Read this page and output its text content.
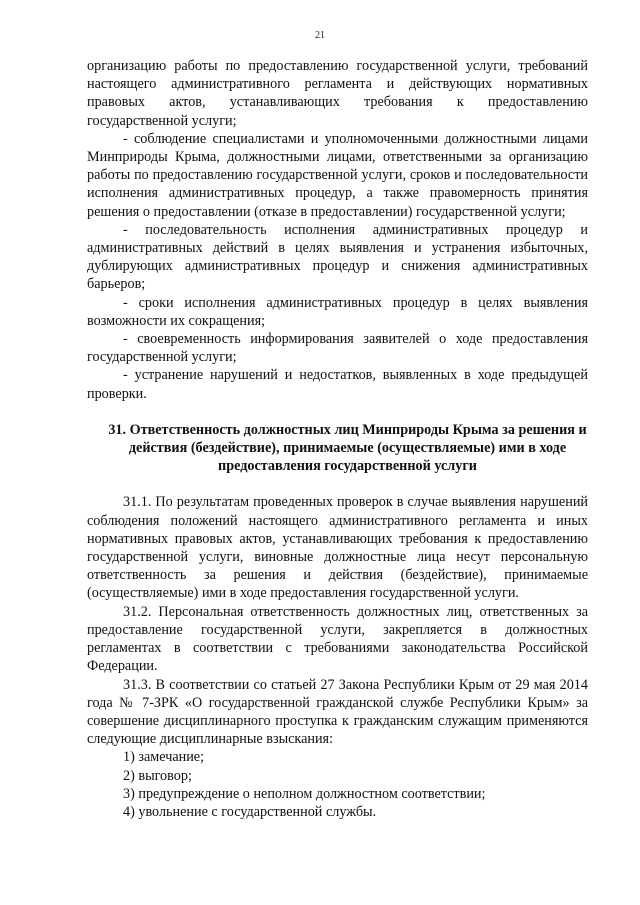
21

организацию работы по предоставлению государственной услуги, требований настоящего административного регламента и действующих нормативных правовых актов, устанавливающих требования к предоставлению государственной услуги;

- соблюдение специалистами и уполномоченными должностными лицами Минприроды Крыма, должностными лицами, ответственными за организацию работы по предоставлению государственной услуги, сроков и последовательности исполнения административных процедур, а также правомерность принятия решения о предоставлении (отказе в предоставлении) государственной услуги;

- последовательность исполнения административных процедур и административных действий в целях выявления и устранения избыточных, дублирующих административных процедур и снижения административных барьеров;

- сроки исполнения административных процедур в целях выявления возможности их сокращения;

- своевременность информирования заявителей о ходе предоставления государственной услуги;

- устранение нарушений и недостатков, выявленных в ходе предыдущей проверки.

31. Ответственность должностных лиц Минприроды Крыма за решения и действия (бездействие), принимаемые (осуществляемые) ими в ходе предоставления государственной услуги

31.1. По результатам проведенных проверок в случае выявления нарушений соблюдения положений настоящего административного регламента и иных нормативных правовых актов, устанавливающих требования к предоставлению государственной услуги, виновные должностные лица несут персональную ответственность за решения и действия (бездействие), принимаемые (осуществляемые) ими в ходе предоставления государственной услуги.

31.2. Персональная ответственность должностных лиц, ответственных за предоставление государственной услуги, закрепляется в должностных регламентах в соответствии с требованиями законодательства Российской Федерации.

31.3. В соответствии со статьей 27 Закона Республики Крым от 29 мая 2014 года № 7-ЗРК «О государственной гражданской службе Республики Крым» за совершение дисциплинарного проступка к гражданским служащим применяются следующие дисциплинарные взыскания:

1) замечание;

2) выговор;

3) предупреждение о неполном должностном соответствии;

4) увольнение с государственной службы.
